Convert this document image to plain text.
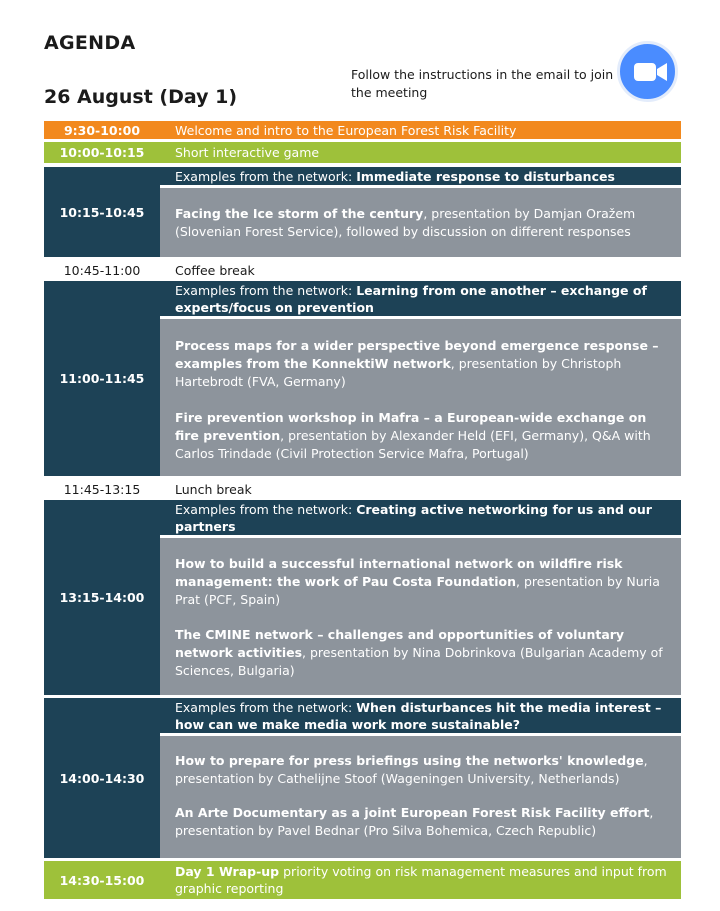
AGENDA
26 August (Day 1)
Follow the instructions in the email to join the meeting
9:30-10:00	Welcome and intro to the European Forest Risk Facility
10:00-10:15	Short interactive game
10:15-10:45
Examples from the network: Immediate response to disturbances
Facing the Ice storm of the century, presentation by Damjan Oražem (Slovenian Forest Service), followed by discussion on different responses
10:45-11:00	Coffee break
11:00-11:45
Examples from the network: Learning from one another – exchange of experts/focus on prevention
Process maps for a wider perspective beyond emergence response – examples from the KonnektiW network, presentation by Christoph Hartebrodt (FVA, Germany)
Fire prevention workshop in Mafra – a European-wide exchange on fire prevention, presentation by Alexander Held (EFI, Germany), Q&A with Carlos Trindade (Civil Protection Service Mafra, Portugal)
11:45-13:15	Lunch break
13:15-14:00
Examples from the network: Creating active networking for us and our partners
How to build a successful international network on wildfire risk management: the work of Pau Costa Foundation, presentation by Nuria Prat (PCF, Spain)
The CMINE network – challenges and opportunities of voluntary network activities, presentation by Nina Dobrinkova (Bulgarian Academy of Sciences, Bulgaria)
14:00-14:30
Examples from the network: When disturbances hit the media interest – how can we make media work more sustainable?
How to prepare for press briefings using the networks' knowledge, presentation by Cathelijne Stoof (Wageningen University, Netherlands)
An Arte Documentary as a joint European Forest Risk Facility effort, presentation by Pavel Bednar (Pro Silva Bohemica, Czech Republic)
14:30-15:00
Day 1 Wrap-up priority voting on risk management measures and input from graphic reporting
